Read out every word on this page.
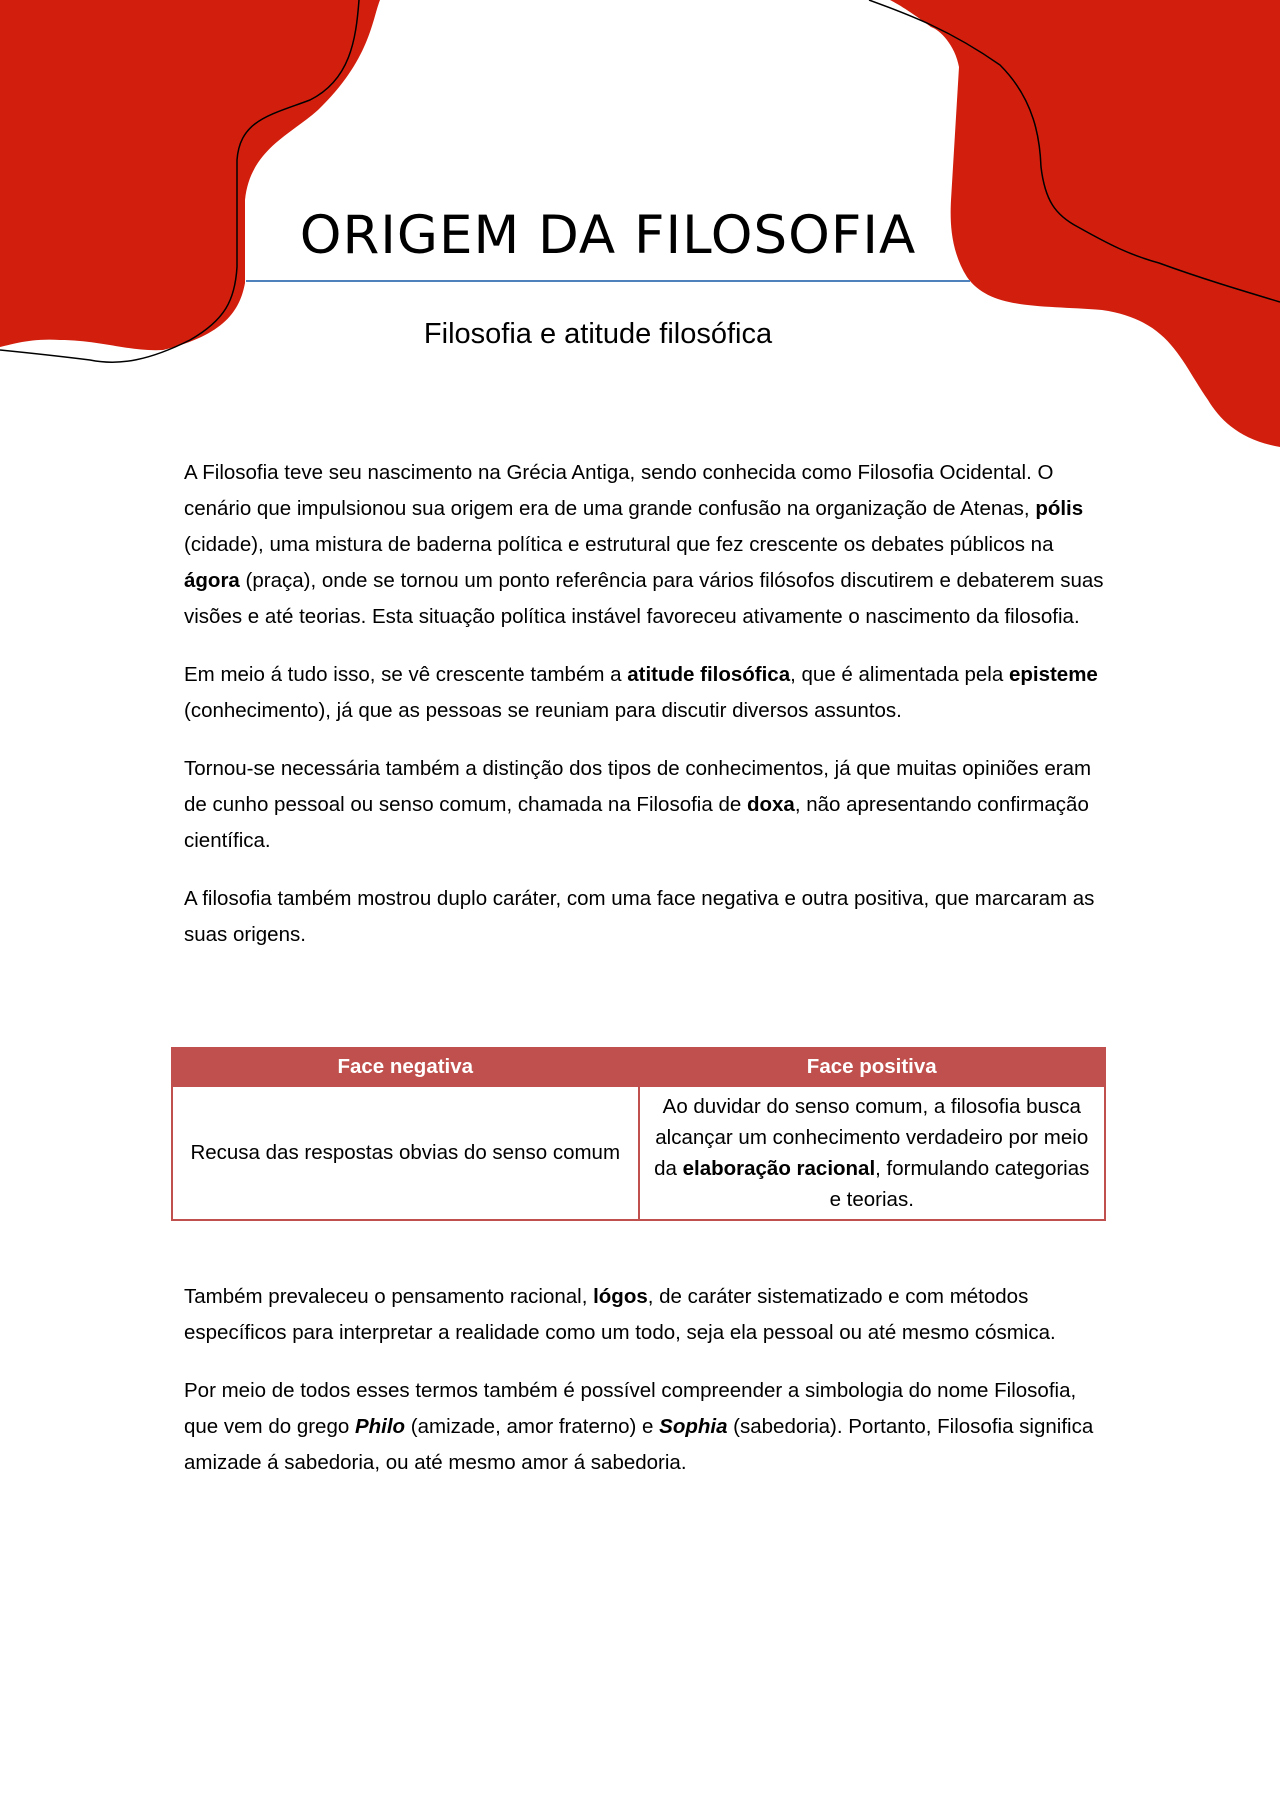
ORIGEM DA FILOSOFIA
Filosofia e atitude filosófica

A Filosofia teve seu nascimento na Grécia Antiga, sendo conhecida como Filosofia Ocidental. O cenário que impulsionou sua origem era de uma grande confusão na organização de Atenas, pólis (cidade), uma mistura de baderna política e estrutural que fez crescente os debates públicos na ágora (praça), onde se tornou um ponto referência para vários filósofos discutirem e debaterem suas visões e até teorias. Esta situação política instável favoreceu ativamente o nascimento da filosofia.

Em meio á tudo isso, se vê crescente também a atitude filosófica, que é alimentada pela episteme (conhecimento), já que as pessoas se reuniam para discutir diversos assuntos.

Tornou-se necessária também a distinção dos tipos de conhecimentos, já que muitas opiniões eram de cunho pessoal ou senso comum, chamada na Filosofia de doxa, não apresentando confirmação científica.

A filosofia também mostrou duplo caráter, com uma face negativa e outra positiva, que marcaram as suas origens.

Face negativa	Face positiva
Recusa das respostas obvias do senso comum	Ao duvidar do senso comum, a filosofia busca alcançar um conhecimento verdadeiro por meio da elaboração racional, formulando categorias e teorias.

Também prevaleceu o pensamento racional, lógos, de caráter sistematizado e com métodos específicos para interpretar a realidade como um todo, seja ela pessoal ou até mesmo cósmica.

Por meio de todos esses termos também é possível compreender a simbologia do nome Filosofia, que vem do grego Philo (amizade, amor fraterno) e Sophia (sabedoria). Portanto, Filosofia significa amizade á sabedoria, ou até mesmo amor á sabedoria.
